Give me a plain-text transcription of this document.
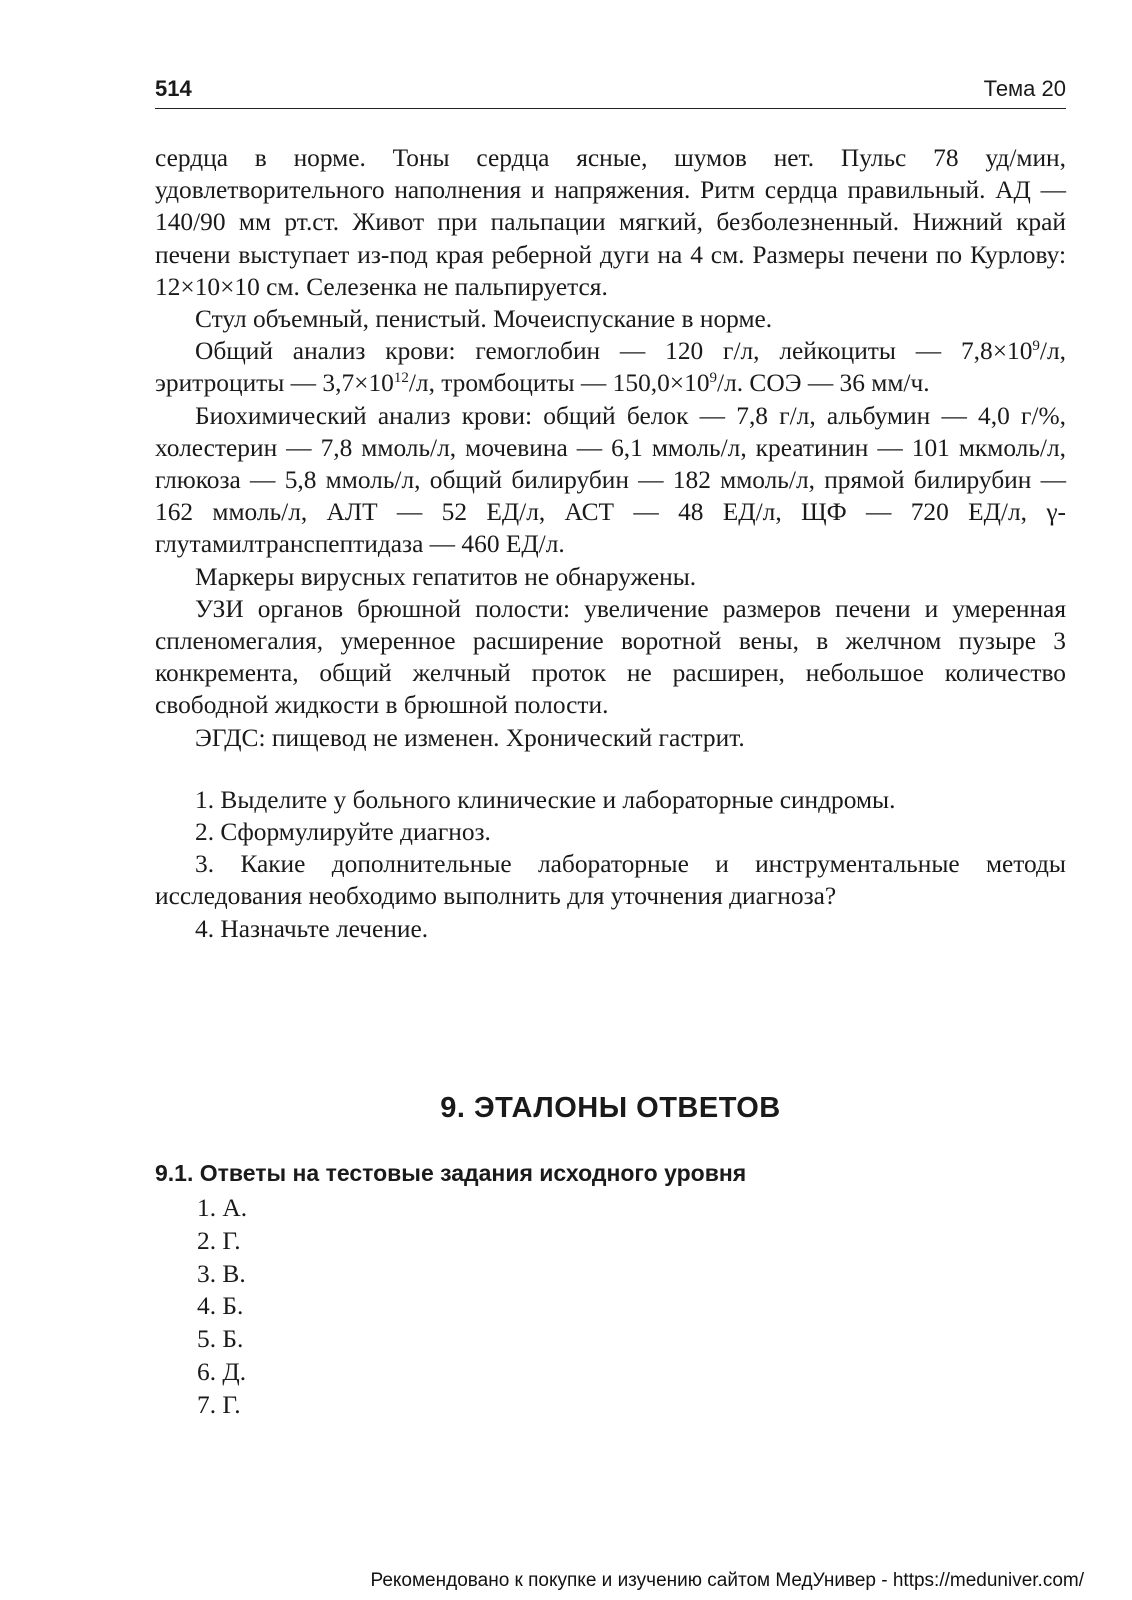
514	Тема 20

сердца в норме. Тоны сердца ясные, шумов нет. Пульс 78 уд/мин, удовлетворительного наполнения и напряжения. Ритм сердца правильный. АД — 140/90 мм рт.ст. Живот при пальпации мягкий, безболезненный. Нижний край печени выступает из-под края реберной дуги на 4 см. Размеры печени по Курлову: 12×10×10 см. Селезенка не пальпируется.

Стул объемный, пенистый. Мочеиспускание в норме.

Общий анализ крови: гемоглобин — 120 г/л, лейкоциты — $7,8\times 10^9/л$, эритроциты — $3,7\times 10^{12}/л$, тромбоциты — $150,0\times 10^9/л$. СОЭ — 36 мм/ч.

Биохимический анализ крови: общий белок — 7,8 г/л, альбумин — 4,0 г/%, холестерин — 7,8 ммоль/л, мочевина — 6,1 ммоль/л, креатинин — 101 мкмоль/л, глюкоза — 5,8 ммоль/л, общий билирубин — 182 ммоль/л, прямой билирубин — 162 ммоль/л, АЛТ — 52 ЕД/л, АСТ — 48 ЕД/л, ЩФ — 720 ЕД/л, γ-глутамилтранспептидаза — 460 ЕД/л.

Маркеры вирусных гепатитов не обнаружены.

УЗИ органов брюшной полости: увеличение размеров печени и умеренная спленомегалия, умеренное расширение воротной вены, в желчном пузыре 3 конкремента, общий желчный проток не расширен, небольшое количество свободной жидкости в брюшной полости.

ЭГДС: пищевод не изменен. Хронический гастрит.

1. Выделите у больного клинические и лабораторные синдромы.

2. Сформулируйте диагноз.

3. Какие дополнительные лабораторные и инструментальные методы исследования необходимо выполнить для уточнения диагноза?

4. Назначьте лечение.

9. ЭТАЛОНЫ ОТВЕТОВ
9.1. Ответы на тестовые задания исходного уровня
1. А.
2. Г.
3. В.
4. Б.
5. Б.
6. Д.
7. Г.
Рекомендовано к покупке и изучению сайтом МедУнивер - https://meduniver.com/
